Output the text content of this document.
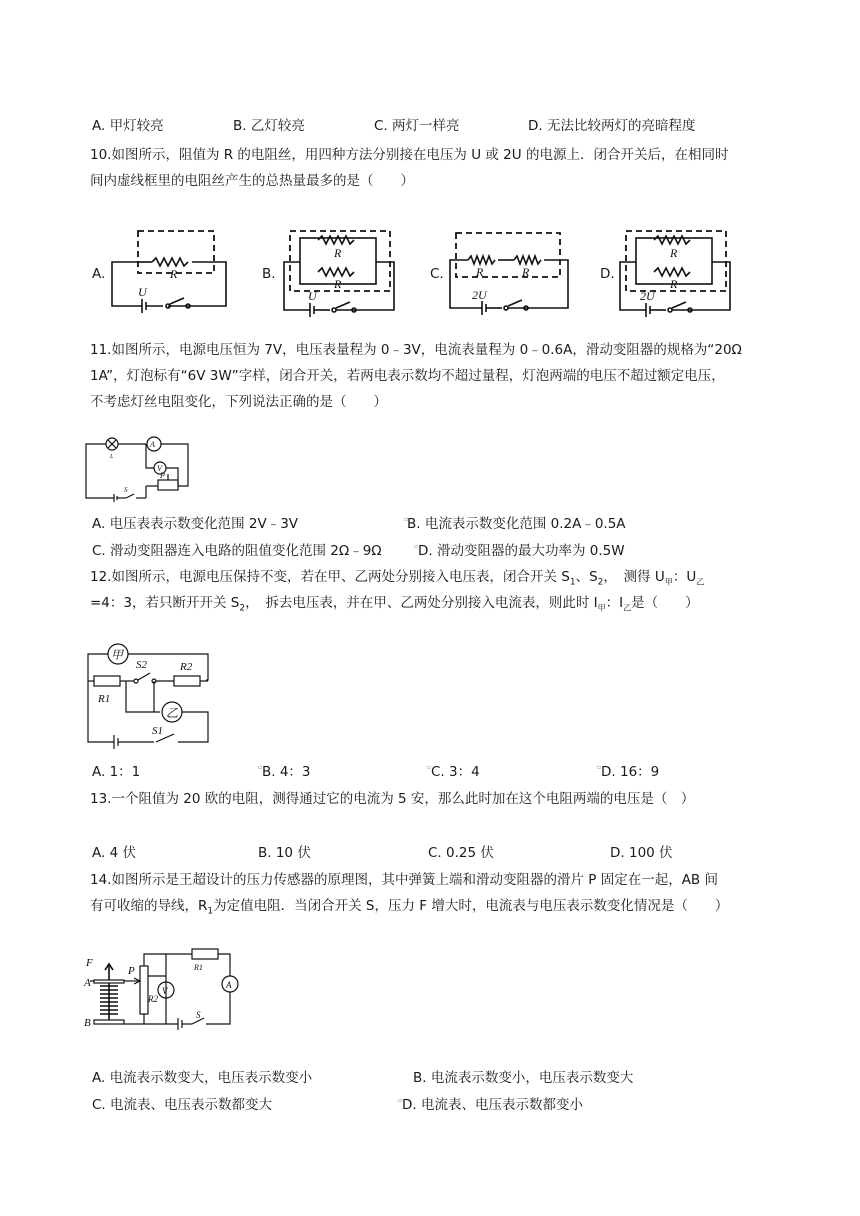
A. 甲灯较亮	B. 乙灯较亮	C. 两灯一样亮	D. 无法比较两灯的亮暗程度
10.如图所示，阻值为 R 的电阻丝，用四种方法分别接在电压为 U 或 2U 的电源上．闭合开关后，在相同时
间内虚线框里的电阻丝产生的总热量最多的是（　　）
A.	R
U
B.
R
R
U
C.	R	R
2U
D.
R
R
2U
11.如图所示，电源电压恒为 7V，电压表量程为 0﹣3V，电流表量程为 0﹣0.6A，滑动变阻器的规格为“20Ω
1A”，灯泡标有“6V 3W”字样，闭合开关，若两电表示数均不超过量程，灯泡两端的电压不超过额定电压，
不考虑灯丝电阻变化，下列说法正确的是（　　）
A
V
L
S
P
A. 电压表表示数变化范围 2V﹣3V	▫
B. 电流表示数变化范围 0.2A﹣0.5A
C. 滑动变阻器连入电路的阻值变化范围 2Ω﹣9Ω	▫ D. 滑动变阻器的最大功率为 0.5W
12.如图所示，电源电压保持不变，若在甲、乙两处分别接入电压表，闭合开关 $S_1$、$S_2$，　测得 $U_甲$：$U_乙$
=4：3，若只断开开关 $S_2$，　拆去电压表，并在甲、乙两处分别接入电流表，则此时 $I_甲$：$I_乙$是（　　）
甲
乙
S2	R2
R1
S1
A. 1：1	▫ B. 4：3	▫ C. 3：4	▫ D. 16：9
13.一个阻值为 20 欧的电阻，测得通过它的电流为 5 安，那么此时加在这个电阻两端的电压是（　）
A. 4 伏	B. 10 伏	C. 0.25 伏	D. 100 伏
14.如图所示是王超设计的压力传感器的原理图，其中弹簧上端和滑动变阻器的滑片 P 固定在一起，AB 间
有可收缩的导线，$R_1$为定值电阻．当闭合开关 S，压力 F 增大时，电流表与电压表示数变化情况是（　　）
F
A
B
P
R2
R1
V
A
S
A. 电流表示数变大，电压表示数变小	B. 电流表示数变小，电压表示数变大
C. 电流表、电压表示数都变大	▫ D. 电流表、电压表示数都变小
